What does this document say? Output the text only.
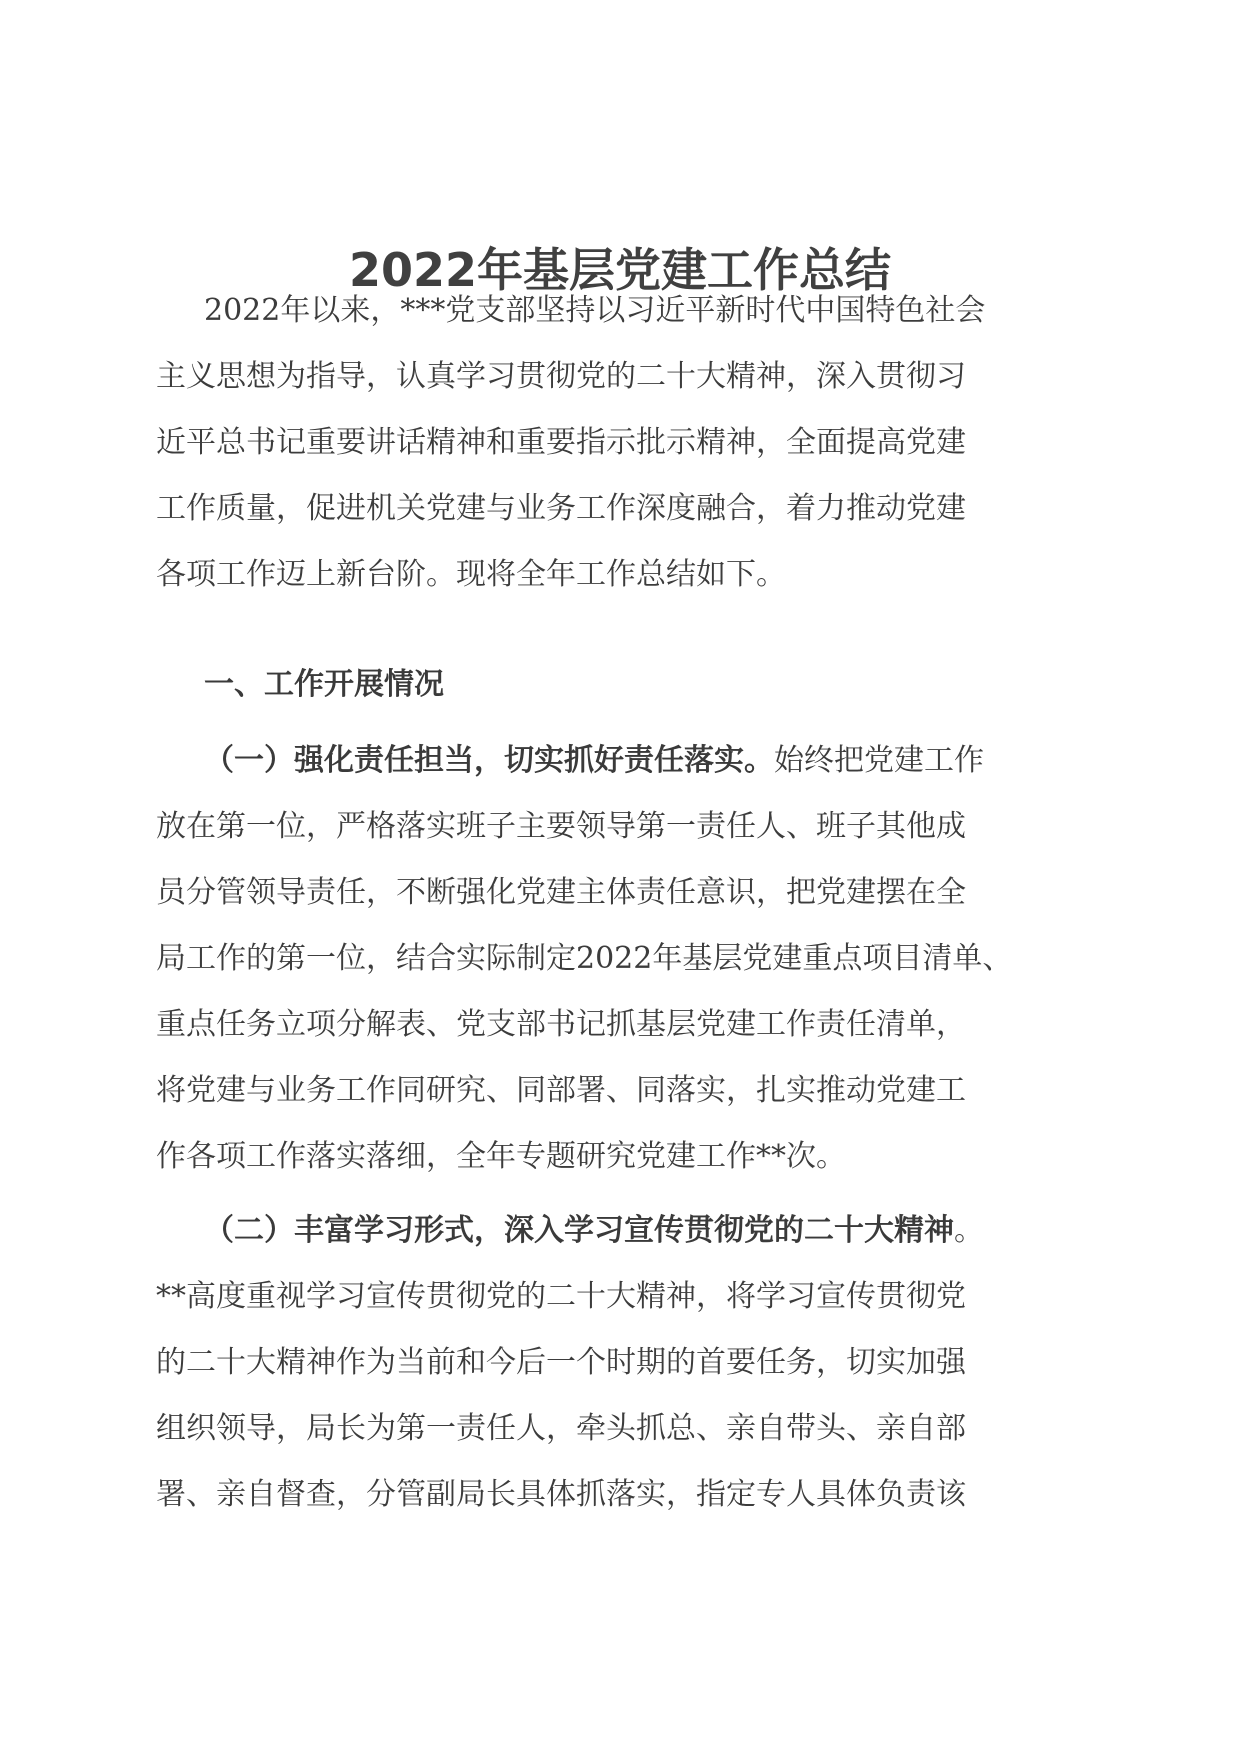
2022年基层党建工作总结
2022年以来，***党支部坚持以习近平新时代中国特色社会
主义思想为指导，认真学习贯彻党的二十大精神，深入贯彻习
近平总书记重要讲话精神和重要指示批示精神，全面提高党建
工作质量，促进机关党建与业务工作深度融合，着力推动党建
各项工作迈上新台阶。现将全年工作总结如下。
一、工作开展情况
（一）强化责任担当，切实抓好责任落实。始终把党建工作
放在第一位，严格落实班子主要领导第一责任人、班子其他成
员分管领导责任，不断强化党建主体责任意识，把党建摆在全
局工作的第一位，结合实际制定2022年基层党建重点项目清单、
重点任务立项分解表、党支部书记抓基层党建工作责任清单，
将党建与业务工作同研究、同部署、同落实，扎实推动党建工
作各项工作落实落细，全年专题研究党建工作**次。
（二）丰富学习形式，深入学习宣传贯彻党的二十大精神。
**高度重视学习宣传贯彻党的二十大精神，将学习宣传贯彻党
的二十大精神作为当前和今后一个时期的首要任务，切实加强
组织领导，局长为第一责任人，牵头抓总、亲自带头、亲自部
署、亲自督查，分管副局长具体抓落实，指定专人具体负责该
